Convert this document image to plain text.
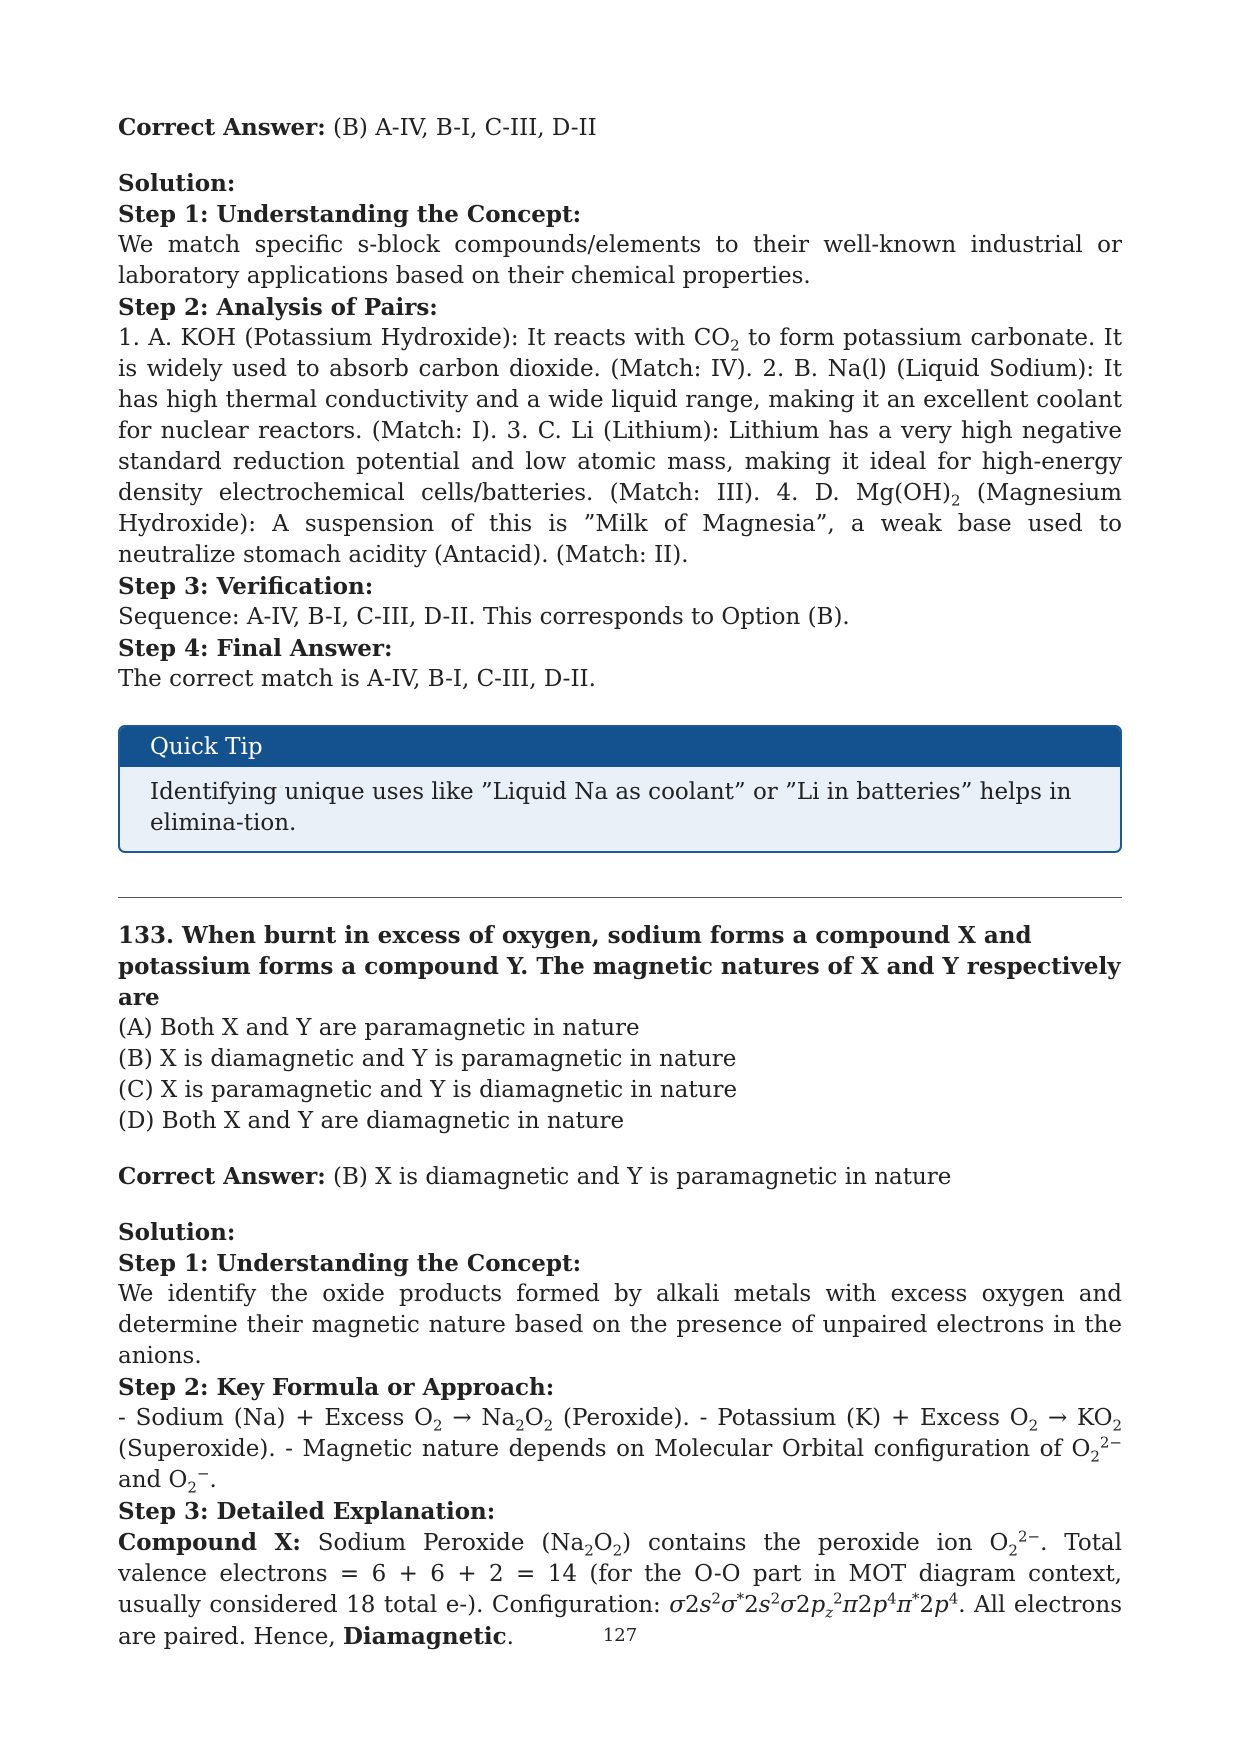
Correct Answer: (B) A-IV, B-I, C-III, D-II

Solution:

Step 1: Understanding the Concept:

We match specific s-block compounds/elements to their well-known industrial or laboratory applications based on their chemical properties.

Step 2: Analysis of Pairs:

1. A. KOH (Potassium Hydroxide): It reacts with $CO_2$ to form potassium carbonate. It is widely used to absorb carbon dioxide. (Match: IV). 2. B. Na(l) (Liquid Sodium): It has high thermal conductivity and a wide liquid range, making it an excellent coolant for nuclear reactors. (Match: I). 3. C. Li (Lithium): Lithium has a very high negative standard reduction potential and low atomic mass, making it ideal for high-energy density electrochemical cells/batteries. (Match: III). 4. D. $Mg(OH)_2$ (Magnesium Hydroxide): A suspension of this is ”Milk of Magnesia”, a weak base used to neutralize stomach acidity (Antacid). (Match: II).

Step 3: Verification:

Sequence: A-IV, B-I, C-III, D-II. This corresponds to Option (B).

Step 4: Final Answer:

The correct match is A-IV, B-I, C-III, D-II.

Quick Tip
Identifying unique uses like ”Liquid Na as coolant” or ”Li in batteries” helps in elimina-tion.

133. When burnt in excess of oxygen, sodium forms a compound X and potassium forms a compound Y. The magnetic natures of X and Y respectively are

(A) Both X and Y are paramagnetic in nature

(B) X is diamagnetic and Y is paramagnetic in nature

(C) X is paramagnetic and Y is diamagnetic in nature

(D) Both X and Y are diamagnetic in nature

Correct Answer: (B) X is diamagnetic and Y is paramagnetic in nature

Solution:

Step 1: Understanding the Concept:

We identify the oxide products formed by alkali metals with excess oxygen and determine their magnetic nature based on the presence of unpaired electrons in the anions.

Step 2: Key Formula or Approach:

- Sodium (Na) + Excess $O_2 \to Na_2O_2$ (Peroxide). - Potassium (K) + Excess $O_2 \to KO_2$ (Superoxide). - Magnetic nature depends on Molecular Orbital configuration of $O_2^{2-}$ and $O_2^-$.

Step 3: Detailed Explanation:

Compound X: Sodium Peroxide $(Na_2O_2)$ contains the peroxide ion $O_2^{2-}$. Total valence electrons = 6 + 6 + 2 = 14 (for the O-O part in MOT diagram context, usually considered 18 total e-). Configuration: $\sigma 2s^2\sigma^*2s^2\sigma 2p_z^2\pi 2p^4\pi^*2p^4$. All electrons are paired. Hence, Diamagnetic.	127
